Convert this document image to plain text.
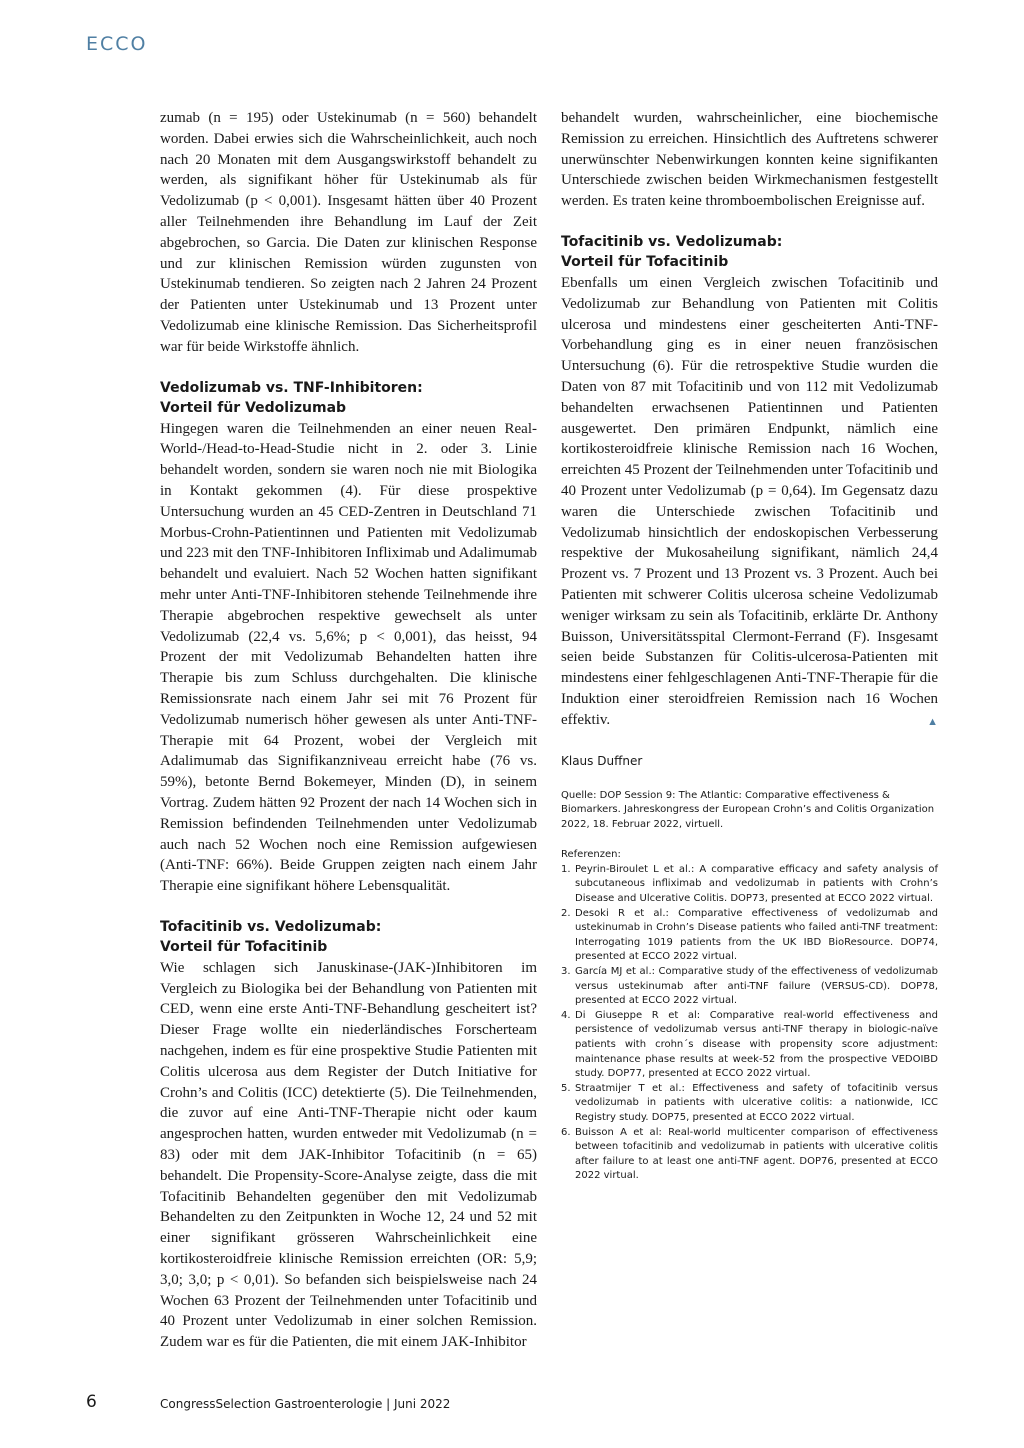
ECCO

zumab (n = 195) oder Ustekinumab (n = 560) behandelt worden. Dabei erwies sich die Wahrscheinlichkeit, auch noch nach 20 Monaten mit dem Ausgangswirkstoff behandelt zu werden, als signifikant höher für Ustekinumab als für Vedolizumab (p < 0,001). Insgesamt hätten über 40 Prozent aller Teilnehmenden ihre Behandlung im Lauf der Zeit abgebrochen, so Garcia. Die Daten zur klinischen Response und zur klinischen Remission würden zugunsten von Ustekinumab tendieren. So zeigten nach 2 Jahren 24 Prozent der Patienten unter Ustekinumab und 13 Prozent unter Vedolizumab eine klinische Remission. Das Sicherheitsprofil war für beide Wirkstoffe ähnlich.

Vedolizumab vs. TNF-Inhibitoren:
Vorteil für Vedolizumab

Hingegen waren die Teilnehmenden an einer neuen Real-World-/Head-to-Head-Studie nicht in 2. oder 3. Linie behandelt worden, sondern sie waren noch nie mit Biologika in Kontakt gekommen (4). Für diese prospektive Untersuchung wurden an 45 CED-Zentren in Deutschland 71 Morbus-Crohn-Patientinnen und Patienten mit Vedolizumab und 223 mit den TNF-Inhibitoren Infliximab und Adalimumab behandelt und evaluiert. Nach 52 Wochen hatten signifikant mehr unter Anti-TNF-Inhibitoren stehende Teilnehmende ihre Therapie abgebrochen respektive gewechselt als unter Vedolizumab (22,4 vs. 5,6%; p < 0,001), das heisst, 94 Prozent der mit Vedolizumab Behandelten hatten ihre Therapie bis zum Schluss durchgehalten. Die klinische Remissionsrate nach einem Jahr sei mit 76 Prozent für Vedolizumab numerisch höher gewesen als unter Anti-TNF-Therapie mit 64 Prozent, wobei der Vergleich mit Adalimumab das Signifikanzniveau erreicht habe (76 vs. 59%), betonte Bernd Bokemeyer, Minden (D), in seinem Vortrag. Zudem hätten 92 Prozent der nach 14 Wochen sich in Remission befindenden Teilnehmenden unter Vedolizumab auch nach 52 Wochen noch eine Remission aufgewiesen (Anti-TNF: 66%). Beide Gruppen zeigten nach einem Jahr Therapie eine signifikant höhere Lebensqualität.

Tofacitinib vs. Vedolizumab:
Vorteil für Tofacitinib

Wie schlagen sich Januskinase-(JAK-)Inhibitoren im Vergleich zu Biologika bei der Behandlung von Patienten mit CED, wenn eine erste Anti-TNF-Behandlung gescheitert ist? Dieser Frage wollte ein niederländisches Forscherteam nachgehen, indem es für eine prospektive Studie Patienten mit Colitis ulcerosa aus dem Register der Dutch Initiative for Crohn’s and Colitis (ICC) detektierte (5). Die Teilnehmenden, die zuvor auf eine Anti-TNF-Therapie nicht oder kaum angesprochen hatten, wurden entweder mit Vedolizumab (n = 83) oder mit dem JAK-Inhibitor Tofacitinib (n = 65) behandelt. Die Propensity-Score-Analyse zeigte, dass die mit Tofacitinib Behandelten gegenüber den mit Vedolizumab Behandelten zu den Zeitpunkten in Woche 12, 24 und 52 mit einer signifikant grösseren Wahrscheinlichkeit eine kortikosteroidfreie klinische Remission erreichten (OR: 5,9; 3,0; 3,0; p < 0,01). So befanden sich beispielsweise nach 24 Wochen 63 Prozent der Teilnehmenden unter Tofacitinib und 40 Prozent unter Vedolizumab in einer solchen Remission. Zudem war es für die Patienten, die mit einem JAK-Inhibitor

behandelt wurden, wahrscheinlicher, eine biochemische Remission zu erreichen. Hinsichtlich des Auftretens schwerer unerwünschter Nebenwirkungen konnten keine signifikanten Unterschiede zwischen beiden Wirkmechanismen festgestellt werden. Es traten keine thromboembolischen Ereignisse auf.

Tofacitinib vs. Vedolizumab:
Vorteil für Tofacitinib

Ebenfalls um einen Vergleich zwischen Tofacitinib und Vedolizumab zur Behandlung von Patienten mit Colitis ulcerosa und mindestens einer gescheiterten Anti-TNF-Vorbehandlung ging es in einer neuen französischen Untersuchung (6). Für die retrospektive Studie wurden die Daten von 87 mit Tofacitinib und von 112 mit Vedolizumab behandelten erwachsenen Patientinnen und Patienten ausgewertet. Den primären Endpunkt, nämlich eine kortikosteroidfreie klinische Remission nach 16 Wochen, erreichten 45 Prozent der Teilnehmenden unter Tofacitinib und 40 Prozent unter Vedolizumab (p = 0,64). Im Gegensatz dazu waren die Unterschiede zwischen Tofacitinib und Vedolizumab hinsichtlich der endoskopischen Verbesserung respektive der Mukosaheilung signifikant, nämlich 24,4 Prozent vs. 7 Prozent und 13 Prozent vs. 3 Prozent. Auch bei Patienten mit schwerer Colitis ulcerosa scheine Vedolizumab weniger wirksam zu sein als Tofacitinib, erklärte Dr. Anthony Buisson, Universitätsspital Clermont-Ferrand (F). Insgesamt seien beide Substanzen für Colitis-ulcerosa-Patienten mit mindestens einer fehlgeschlagenen Anti-TNF-Therapie für die Induktion einer steroidfreien Remission nach 16 Wochen effektiv.	▲

Klaus Duffner

Quelle: DOP Session 9: The Atlantic: Comparative effectiveness & Biomarkers. Jahreskongress der European Crohn’s and Colitis Organization 2022, 18. Februar 2022, virtuell.

Referenzen:

1. Peyrin-Biroulet L et al.: A comparative efficacy and safety analysis of subcutaneous infliximab and vedolizumab in patients with Crohn’s Disease and Ulcerative Colitis. DOP73, presented at ECCO 2022 virtual.
2. Desoki R et al.: Comparative effectiveness of vedolizumab and ustekinumab in Crohn’s Disease patients who failed anti-TNF treatment: Interrogating 1019 patients from the UK IBD BioResource. DOP74, presented at ECCO 2022 virtual.
3. García MJ et al.: Comparative study of the effectiveness of vedolizumab versus ustekinumab after anti-TNF failure (VERSUS-CD). DOP78, presented at ECCO 2022 virtual.
4. Di Giuseppe R et al: Comparative real-world effectiveness and persistence of vedolizumab versus anti-TNF therapy in biologic-naïve patients with crohn´s disease with propensity score adjustment: maintenance phase results at week-52 from the prospective VEDOIBD study. DOP77, presented at ECCO 2022 virtual.
5. Straatmijer T et al.: Effectiveness and safety of tofacitinib versus vedolizumab in patients with ulcerative colitis: a nationwide, ICC Registry study. DOP75, presented at ECCO 2022 virtual.
6. Buisson A et al: Real-world multicenter comparison of effectiveness between tofacitinib and vedolizumab in patients with ulcerative colitis after failure to at least one anti-TNF agent. DOP76, presented at ECCO 2022 virtual.
6	CongressSelection Gastroenterologie | Juni 2022
